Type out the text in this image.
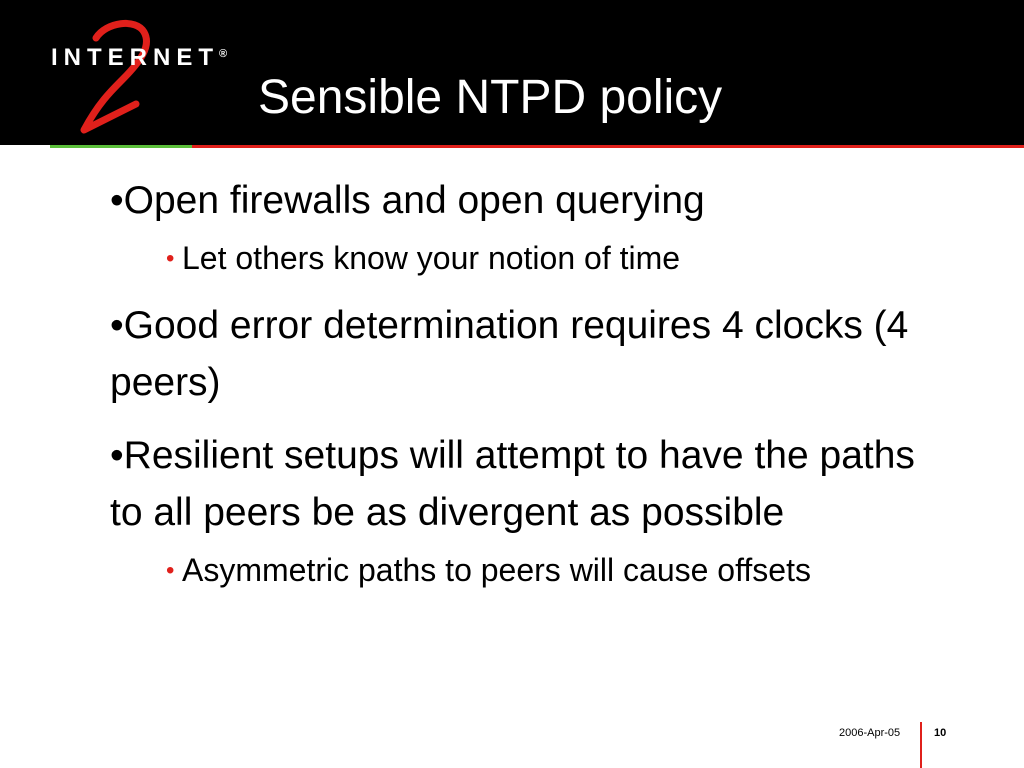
INTERNET®
Sensible NTPD policy

•Open firewalls and open querying

• Let others know your notion of time

•Good error determination requires 4 clocks (4 peers)

•Resilient setups will attempt to have the paths to all peers be as divergent as possible

• Asymmetric paths to peers will cause offsets

2006-Apr-05	10
